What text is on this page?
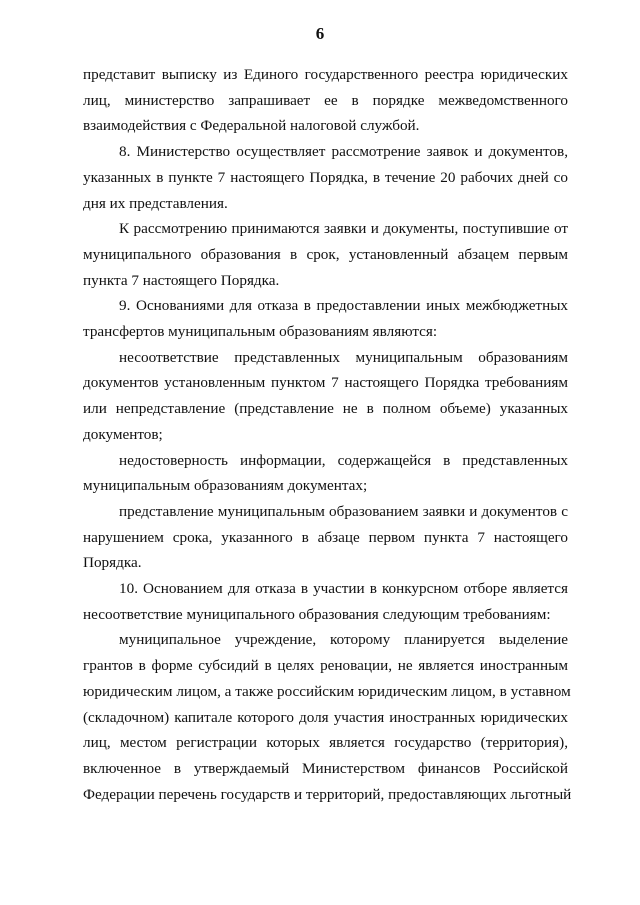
6
представит выписку из Единого государственного реестра юридических
лиц, министерство запрашивает ее в порядке межведомственного
взаимодействия с Федеральной налоговой службой.
8. Министерство осуществляет рассмотрение заявок и документов,
указанных в пункте 7 настоящего Порядка, в течение 20 рабочих дней со
дня их представления.
К рассмотрению принимаются заявки и документы, поступившие от
муниципального образования в срок, установленный абзацем первым
пункта 7 настоящего Порядка.
9. Основаниями для отказа в предоставлении иных межбюджетных
трансфертов муниципальным образованиям являются:
несоответствие представленных муниципальным образованиям
документов установленным пунктом 7 настоящего Порядка требованиям
или непредставление (представление не в полном объеме) указанных
документов;
недостоверность информации, содержащейся в представленных
муниципальным образованиям документах;
представление муниципальным образованием заявки и документов с
нарушением срока, указанного в абзаце первом пункта 7 настоящего
Порядка.
10. Основанием для отказа в участии в конкурсном отборе является
несоответствие муниципального образования следующим требованиям:
муниципальное учреждение, которому планируется выделение
грантов в форме субсидий в целях реновации, не является иностранным
юридическим лицом, а также российским юридическим лицом, в уставном
(складочном) капитале которого доля участия иностранных юридических
лиц, местом регистрации которых является государство (территория),
включенное в утверждаемый Министерством финансов Российской
Федерации перечень государств и территорий, предоставляющих льготный
